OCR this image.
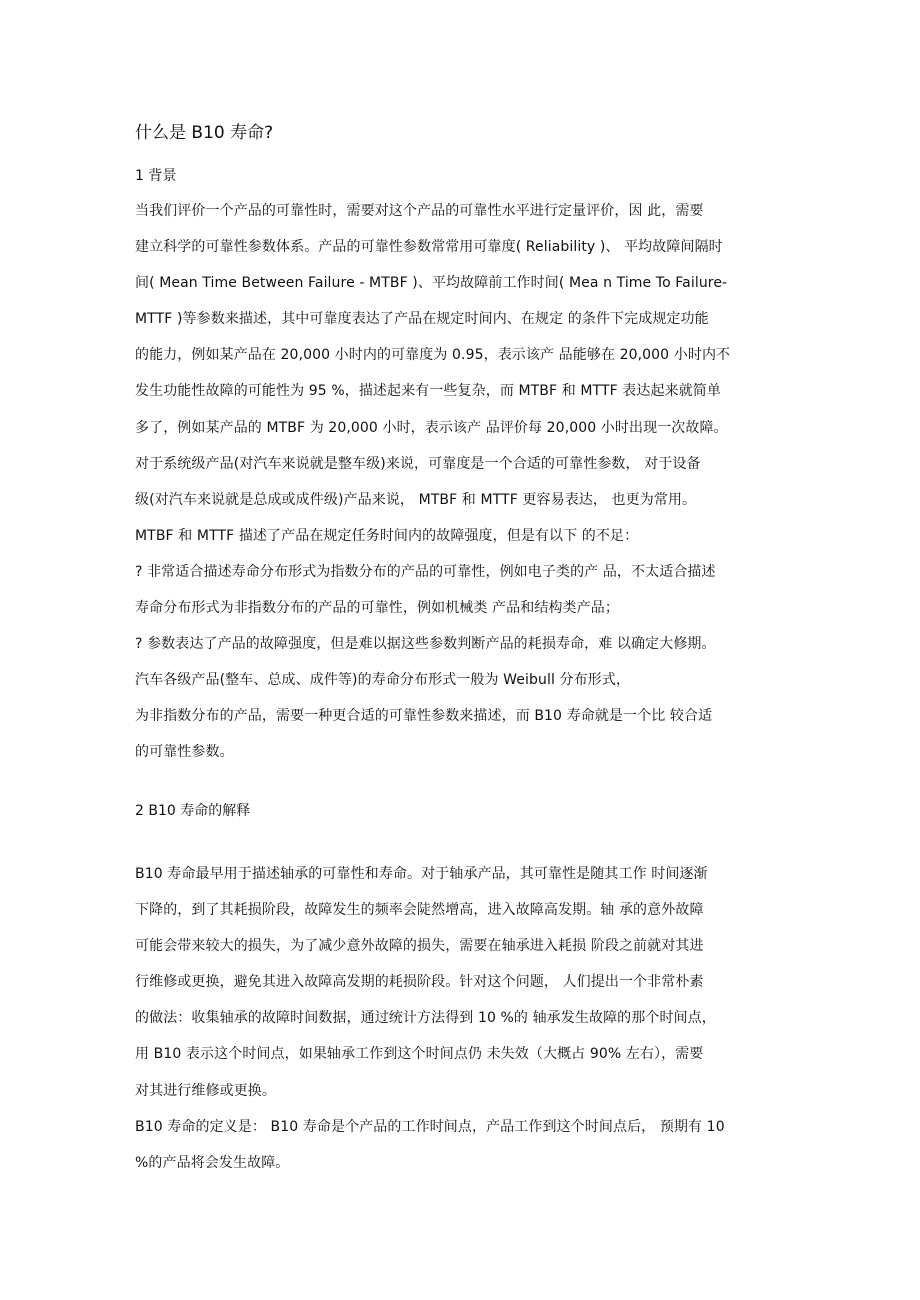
什么是 B10 寿命?
1 背景
当我们评价一个产品的可靠性时，需要对这个产品的可靠性水平进行定量评价，因 此，需要
建立科学的可靠性参数体系。产品的可靠性参数常常用可靠度( Reliability )、 平均故障间隔时
间( Mean Time Between Failure - MTBF )、平均故障前工作时间( Mea n Time To Failure-
MTTF )等参数来描述，其中可靠度表达了产品在规定时间内、在规定 的条件下完成规定功能
的能力，例如某产品在 20,000 小时内的可靠度为 0.95，表示该产 品能够在 20,000 小时内不
发生功能性故障的可能性为 95 %，描述起来有一些复杂，而 MTBF 和 MTTF 表达起来就简单
多了，例如某产品的 MTBF 为 20,000 小时，表示该产 品评价每 20,000 小时出现一次故障。
对于系统级产品(对汽车来说就是整车级)来说，可靠度是一个合适的可靠性参数， 对于设备
级(对汽车来说就是总成或成件级)产品来说， MTBF 和 MTTF 更容易表达， 也更为常用。
MTBF 和 MTTF 描述了产品在规定任务时间内的故障强度，但是有以下 的不足：
? 非常适合描述寿命分布形式为指数分布的产品的可靠性，例如电子类的产 品，不太适合描述
寿命分布形式为非指数分布的产品的可靠性，例如机械类 产品和结构类产品；
? 参数表达了产品的故障强度，但是难以据这些参数判断产品的耗损寿命，难 以确定大修期。
汽车各级产品(整车、总成、成件等)的寿命分布形式一般为 Weibull 分布形式，
为非指数分布的产品，需要一种更合适的可靠性参数来描述，而 B10 寿命就是一个比 较合适
的可靠性参数。
2 B10 寿命的解释
B10 寿命最早用于描述轴承的可靠性和寿命。对于轴承产品，其可靠性是随其工作 时间逐渐
下降的，到了其耗损阶段，故障发生的频率会陡然增高，进入故障高发期。轴 承的意外故障
可能会带来较大的损失，为了减少意外故障的损失，需要在轴承进入耗损 阶段之前就对其进
行维修或更换，避免其进入故障高发期的耗损阶段。针对这个问题， 人们提出一个非常朴素
的做法：收集轴承的故障时间数据，通过统计方法得到 10 %的 轴承发生故障的那个时间点，
用 B10 表示这个时间点，如果轴承工作到这个时间点仍 未失效（大概占 90% 左右），需要
对其进行维修或更换。
B10 寿命的定义是： B10 寿命是个产品的工作时间点，产品工作到这个时间点后， 预期有 10
%的产品将会发生故障。
